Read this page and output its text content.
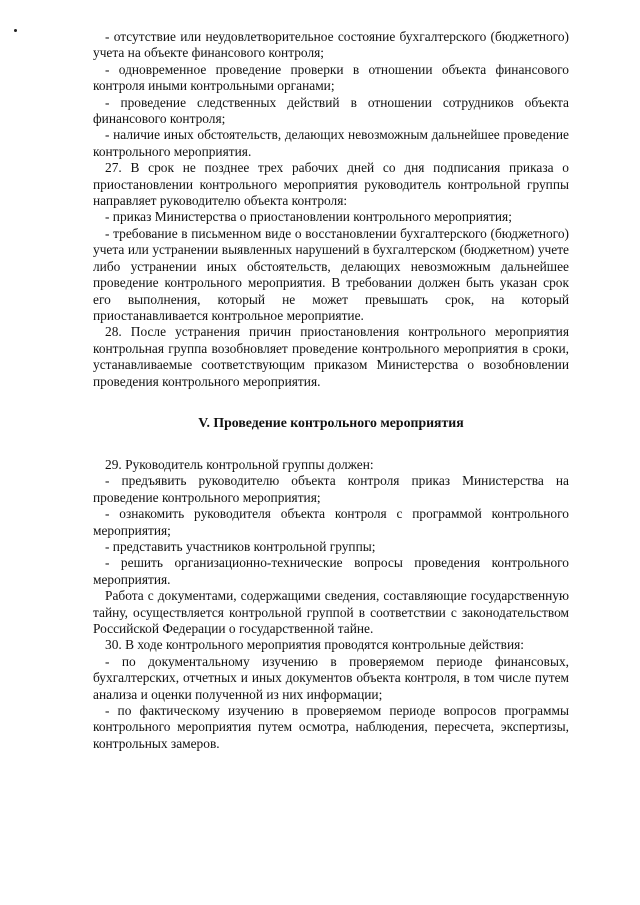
- отсутствие или неудовлетворительное состояние бухгалтерского (бюджетного) учета на объекте финансового контроля;

- одновременное проведение проверки в отношении объекта финансового контроля иными контрольными органами;

- проведение следственных действий в отношении сотрудников объекта финансового контроля;

- наличие иных обстоятельств, делающих невозможным дальнейшее проведение контрольного мероприятия.

27. В срок не позднее трех рабочих дней со дня подписания приказа о приостановлении контрольного мероприятия руководитель контрольной группы направляет руководителю объекта контроля:

- приказ Министерства о приостановлении контрольного мероприятия;

- требование в письменном виде о восстановлении бухгалтерского (бюджетного) учета или устранении выявленных нарушений в бухгалтерском (бюджетном) учете либо устранении иных обстоятельств, делающих невозможным дальнейшее проведение контрольного мероприятия. В требовании должен быть указан срок его выполнения, который не может превышать срок, на который приостанавливается контрольное мероприятие.

28. После устранения причин приостановления контрольного мероприятия контрольная группа возобновляет проведение контрольного мероприятия в сроки, устанавливаемые соответствующим приказом Министерства о возобновлении проведения контрольного мероприятия.

V. Проведение контрольного мероприятия

29. Руководитель контрольной группы должен:

- предъявить руководителю объекта контроля приказ Министерства на проведение контрольного мероприятия;

- ознакомить руководителя объекта контроля с программой контрольного мероприятия;

- представить участников контрольной группы;

- решить организационно-технические вопросы проведения контрольного мероприятия.

Работа с документами, содержащими сведения, составляющие государственную тайну, осуществляется контрольной группой в соответствии с законодательством Российской Федерации о государственной тайне.

30. В ходе контрольного мероприятия проводятся контрольные действия:

- по документальному изучению в проверяемом периоде финансовых, бухгалтерских, отчетных и иных документов объекта контроля, в том числе путем анализа и оценки полученной из них информации;

- по фактическому изучению в проверяемом периоде вопросов программы контрольного мероприятия путем осмотра, наблюдения, пересчета, экспертизы, контрольных замеров.
